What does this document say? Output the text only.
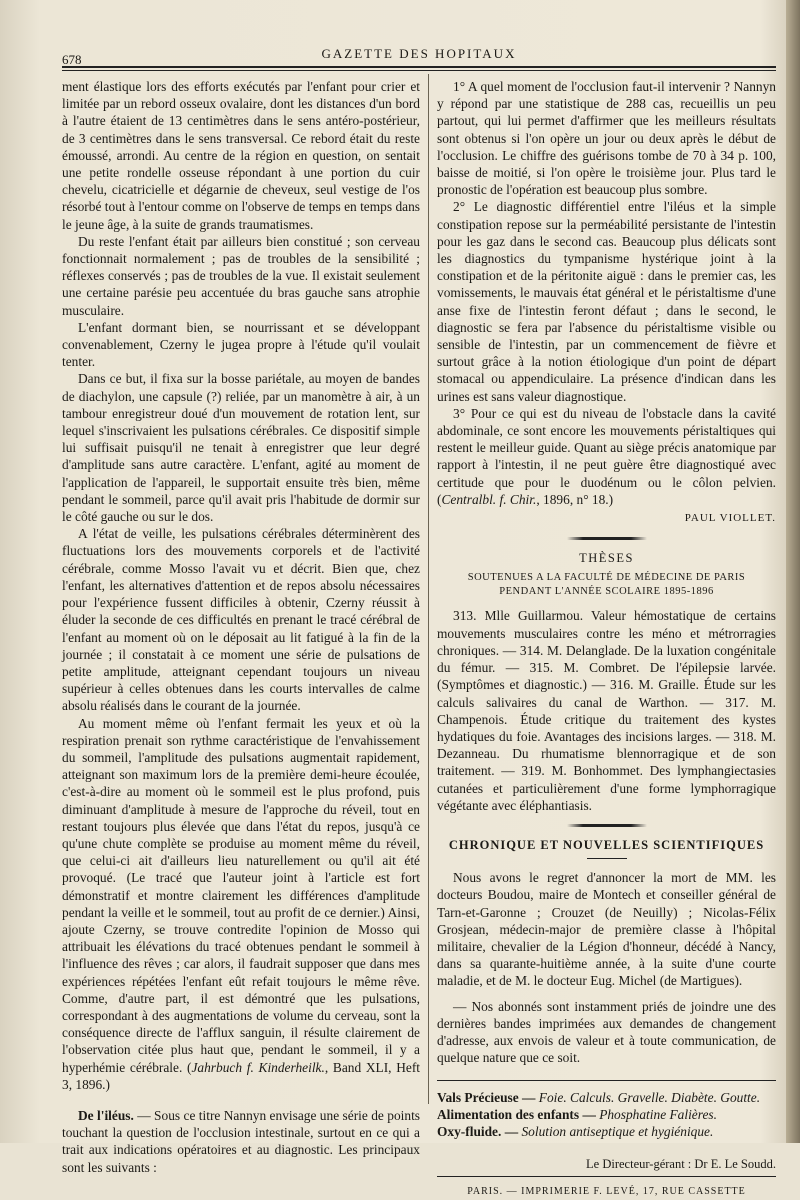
678	GAZETTE DES HOPITAUX

ment élastique lors des efforts exécutés par l'enfant pour crier et limitée par un rebord osseux ovalaire, dont les distances d'un bord à l'autre étaient de 13 centimètres dans le sens antéro-postérieur, de 3 centimètres dans le sens transversal. Ce rebord était du reste émoussé, arrondi. Au centre de la région en question, on sentait une petite rondelle osseuse répondant à une portion du cuir chevelu, cicatricielle et dégarnie de cheveux, seul vestige de l'os résorbé tout à l'entour comme on l'observe de temps en temps dans le jeune âge, à la suite de grands traumatismes.

Du reste l'enfant était par ailleurs bien constitué ; son cerveau fonctionnait normalement ; pas de troubles de la sensibilité ; réflexes conservés ; pas de troubles de la vue. Il existait seulement une certaine parésie peu accentuée du bras gauche sans atrophie musculaire.

L'enfant dormant bien, se nourrissant et se développant convenablement, Czerny le jugea propre à l'étude qu'il voulait tenter.

Dans ce but, il fixa sur la bosse pariétale, au moyen de bandes de diachylon, une capsule (?) reliée, par un manomètre à air, à un tambour enregistreur doué d'un mouvement de rotation lent, sur lequel s'inscrivaient les pulsations cérébrales. Ce dispositif simple lui suffisait puisqu'il ne tenait à enregistrer que leur degré d'amplitude sans autre caractère. L'enfant, agité au moment de l'application de l'appareil, le supportait ensuite très bien, même pendant le sommeil, parce qu'il avait pris l'habitude de dormir sur le côté gauche ou sur le dos.

A l'état de veille, les pulsations cérébrales déterminèrent des fluctuations lors des mouvements corporels et de l'activité cérébrale, comme Mosso l'avait vu et décrit. Bien que, chez l'enfant, les alternatives d'attention et de repos absolu nécessaires pour l'expérience fussent difficiles à obtenir, Czerny réussit à éluder la seconde de ces difficultés en prenant le tracé cérébral de l'enfant au moment où on le déposait au lit fatigué à la fin de la journée ; il constatait à ce moment une série de pulsations de petite amplitude, atteignant cependant toujours un niveau supérieur à celles obtenues dans les courts intervalles de calme absolu réalisés dans le courant de la journée.

Au moment même où l'enfant fermait les yeux et où la respiration prenait son rythme caractéristique de l'envahissement du sommeil, l'amplitude des pulsations augmentait rapidement, atteignant son maximum lors de la première demi-heure écoulée, c'est-à-dire au moment où le sommeil est le plus profond, puis diminuant d'amplitude à mesure de l'approche du réveil, tout en restant toujours plus élevée que dans l'état du repos, jusqu'à ce qu'une chute complète se produise au moment même du réveil, que celui-ci ait d'ailleurs lieu naturellement ou qu'il ait été provoqué. (Le tracé que l'auteur joint à l'article est fort démonstratif et montre clairement les différences d'amplitude pendant la veille et le sommeil, tout au profit de ce dernier.) Ainsi, ajoute Czerny, se trouve contredite l'opinion de Mosso qui attribuait les élévations du tracé obtenues pendant le sommeil à l'influence des rêves ; car alors, il faudrait supposer que dans mes expériences répétées l'enfant eût refait toujours le même rêve. Comme, d'autre part, il est démontré que les pulsations, correspondant à des augmentations de volume du cerveau, sont la conséquence directe de l'afflux sanguin, il résulte clairement de l'observation citée plus haut que, pendant le sommeil, il y a hyperhémie cérébrale. (Jahrbuch f. Kinderheilk., Band XLI, Heft 3, 1896.)

De l'iléus. — Sous ce titre Nannyn envisage une série de points touchant la question de l'occlusion intestinale, surtout en ce qui a trait aux indications opératoires et au diagnostic. Les principaux sont les suivants :

1° A quel moment de l'occlusion faut-il intervenir ? Nannyn y répond par une statistique de 288 cas, recueillis un peu partout, qui lui permet d'affirmer que les meilleurs résultats sont obtenus si l'on opère un jour ou deux après le début de l'occlusion. Le chiffre des guérisons tombe de 70 à 34 p. 100, baisse de moitié, si l'on opère le troisième jour. Plus tard le pronostic de l'opération est beaucoup plus sombre.

2° Le diagnostic différentiel entre l'iléus et la simple constipation repose sur la perméabilité persistante de l'intestin pour les gaz dans le second cas. Beaucoup plus délicats sont les diagnostics du tympanisme hystérique joint à la constipation et de la péritonite aiguë : dans le premier cas, les vomissements, le mauvais état général et le péristaltisme d'une anse fixe de l'intestin feront défaut ; dans le second, le diagnostic se fera par l'absence du péristaltisme visible ou sensible de l'intestin, par un commencement de fièvre et surtout grâce à la notion étiologique d'un point de départ stomacal ou appendiculaire. La présence d'indican dans les urines est sans valeur diagnostique.

3° Pour ce qui est du niveau de l'obstacle dans la cavité abdominale, ce sont encore les mouvements péristaltiques qui restent le meilleur guide. Quant au siège précis anatomique par rapport à l'intestin, il ne peut guère être diagnostiqué avec certitude que pour le duodénum ou le côlon pelvien. (Centralbl. f. Chir., 1896, n° 18.)

PAUL VIOLLET.
THÈSES
SOUTENUES A LA FACULTÉ DE MÉDECINE DE PARIS
PENDANT L'ANNÉE SCOLAIRE 1895-1896

313. Mlle Guillarmou. Valeur hémostatique de certains mouvements musculaires contre les méno et métrorragies chroniques. — 314. M. Delanglade. De la luxation congénitale du fémur. — 315. M. Combret. De l'épilepsie larvée. (Symptômes et diagnostic.) — 316. M. Graille. Étude sur les calculs salivaires du canal de Warthon. — 317. M. Champenois. Étude critique du traitement des kystes hydatiques du foie. Avantages des incisions larges. — 318. M. Dezanneau. Du rhumatisme blennorragique et de son traitement. — 319. M. Bonhommet. Des lymphangiectasies cutanées et particulièrement d'une forme lymphorragique végétante avec éléphantiasis.

CHRONIQUE ET NOUVELLES SCIENTIFIQUES

Nous avons le regret d'annoncer la mort de MM. les docteurs Boudou, maire de Montech et conseiller général de Tarn-et-Garonne ; Crouzet (de Neuilly) ; Nicolas-Félix Grosjean, médecin-major de première classe à l'hôpital militaire, chevalier de la Légion d'honneur, décédé à Nancy, dans sa quarante-huitième année, à la suite d'une courte maladie, et de M. le docteur Eug. Michel (de Martigues).

— Nos abonnés sont instamment priés de joindre une des dernières bandes imprimées aux demandes de changement d'adresse, aux envois de valeur et à toute communication, de quelque nature que ce soit.

Vals Précieuse — Foie. Calculs. Gravelle. Diabète. Goutte.

Alimentation des enfants — Phosphatine Falières.

Oxy-fluide. — Solution antiseptique et hygiénique.

Le Directeur-gérant : Dr E. Le Soudd.
PARIS. — IMPRIMERIE F. LEVÉ, 17, RUE CASSETTE
